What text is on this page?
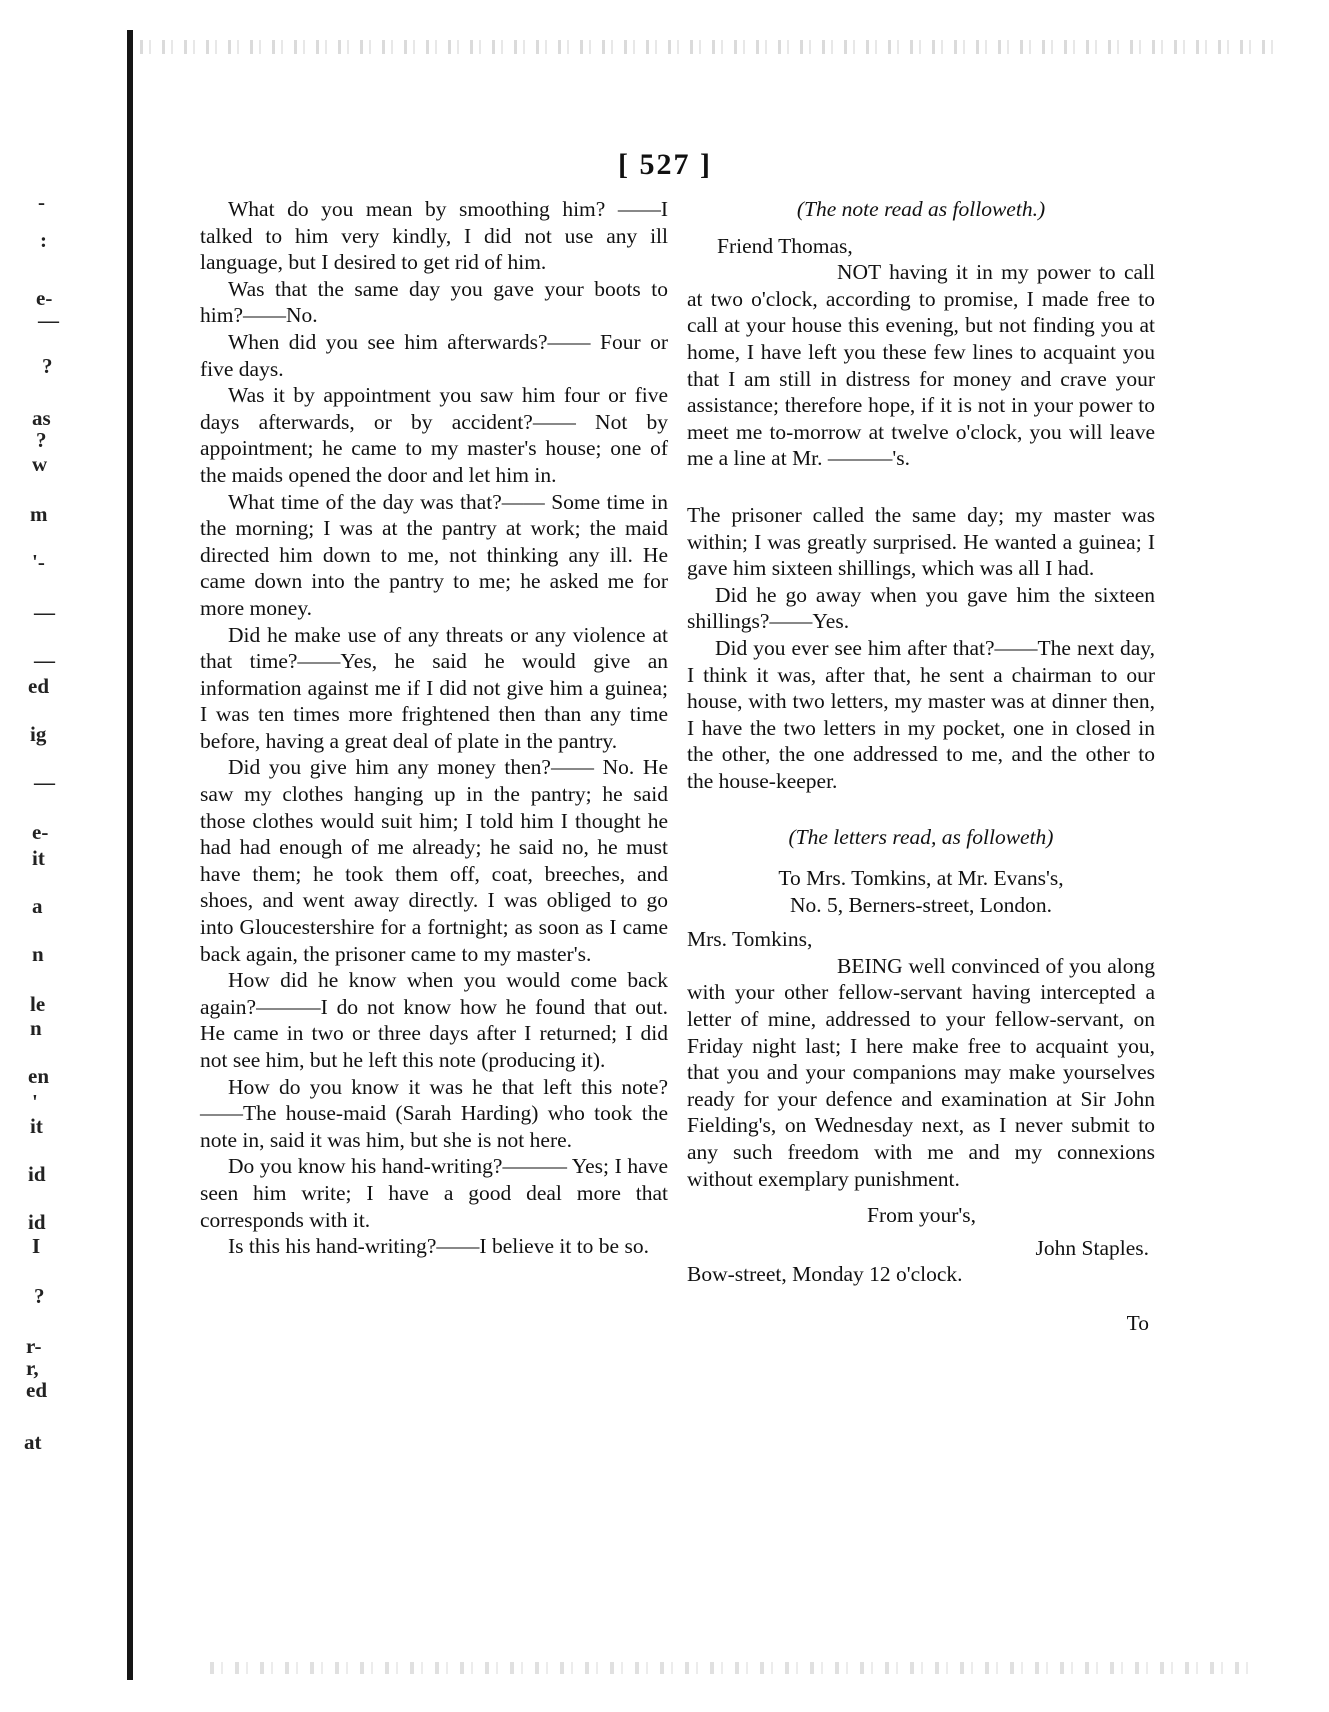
-
:
e-
—
?
as
?
w
m
'-
—
—
ed
ig
—
e-
it
a
n
le
n
en
'
it
id
id
I
?
r-
r,
ed
at
[ 527 ]

What do you mean by smoothing him? ——I talked to him very kindly, I did not use any ill language, but I desired to get rid of him.

Was that the same day you gave your boots to him?——No.

When did you see him afterwards?—— Four or five days.

Was it by appointment you saw him four or five days afterwards, or by accident?—— Not by appointment; he came to my master's house; one of the maids opened the door and let him in.

What time of the day was that?—— Some time in the morning; I was at the pantry at work; the maid directed him down to me, not thinking any ill. He came down into the pantry to me; he asked me for more money.

Did he make use of any threats or any violence at that time?——Yes, he said he would give an information against me if I did not give him a guinea; I was ten times more frightened then than any time before, having a great deal of plate in the pantry.

Did you give him any money then?—— No. He saw my clothes hanging up in the pantry; he said those clothes would suit him; I told him I thought he had had enough of me already; he said no, he must have them; he took them off, coat, breeches, and shoes, and went away directly. I was obliged to go into Gloucestershire for a fortnight; as soon as I came back again, the prisoner came to my master's.

How did he know when you would come back again?———I do not know how he found that out. He came in two or three days after I returned; I did not see him, but he left this note (producing it).

How do you know it was he that left this note?——The house-maid (Sarah Harding) who took the note in, said it was him, but she is not here.

Do you know his hand-writing?——— Yes; I have seen him write; I have a good deal more that corresponds with it.

Is this his hand-writing?——I believe it to be so.

(The note read as followeth.)

Friend Thomas,

NOT having it in my power to call at two o'clock, according to promise, I made free to call at your house this evening, but not finding you at home, I have left you these few lines to acquaint you that I am still in distress for money and crave your assistance; therefore hope, if it is not in your power to meet me to-morrow at twelve o'clock, you will leave me a line at Mr. ———'s.

The prisoner called the same day; my master was within; I was greatly surprised. He wanted a guinea; I gave him sixteen shillings, which was all I had.

Did he go away when you gave him the sixteen shillings?——Yes.

Did you ever see him after that?——The next day, I think it was, after that, he sent a chairman to our house, with two letters, my master was at dinner then, I have the two letters in my pocket, one in closed in the other, the one addressed to me, and the other to the house-keeper.

(The letters read, as followeth)

To Mrs. Tomkins, at Mr. Evans's,

No. 5, Berners-street, London.

Mrs. Tomkins,

BEING well convinced of you along with your other fellow-servant having intercepted a letter of mine, addressed to your fellow-servant, on Friday night last; I here make free to acquaint you, that you and your companions may make yourselves ready for your defence and examination at Sir John Fielding's, on Wednesday next, as I never submit to any such freedom with me and my connexions without exemplary punishment.

From your's,

John Staples.

Bow-street, Monday 12 o'clock.

To
